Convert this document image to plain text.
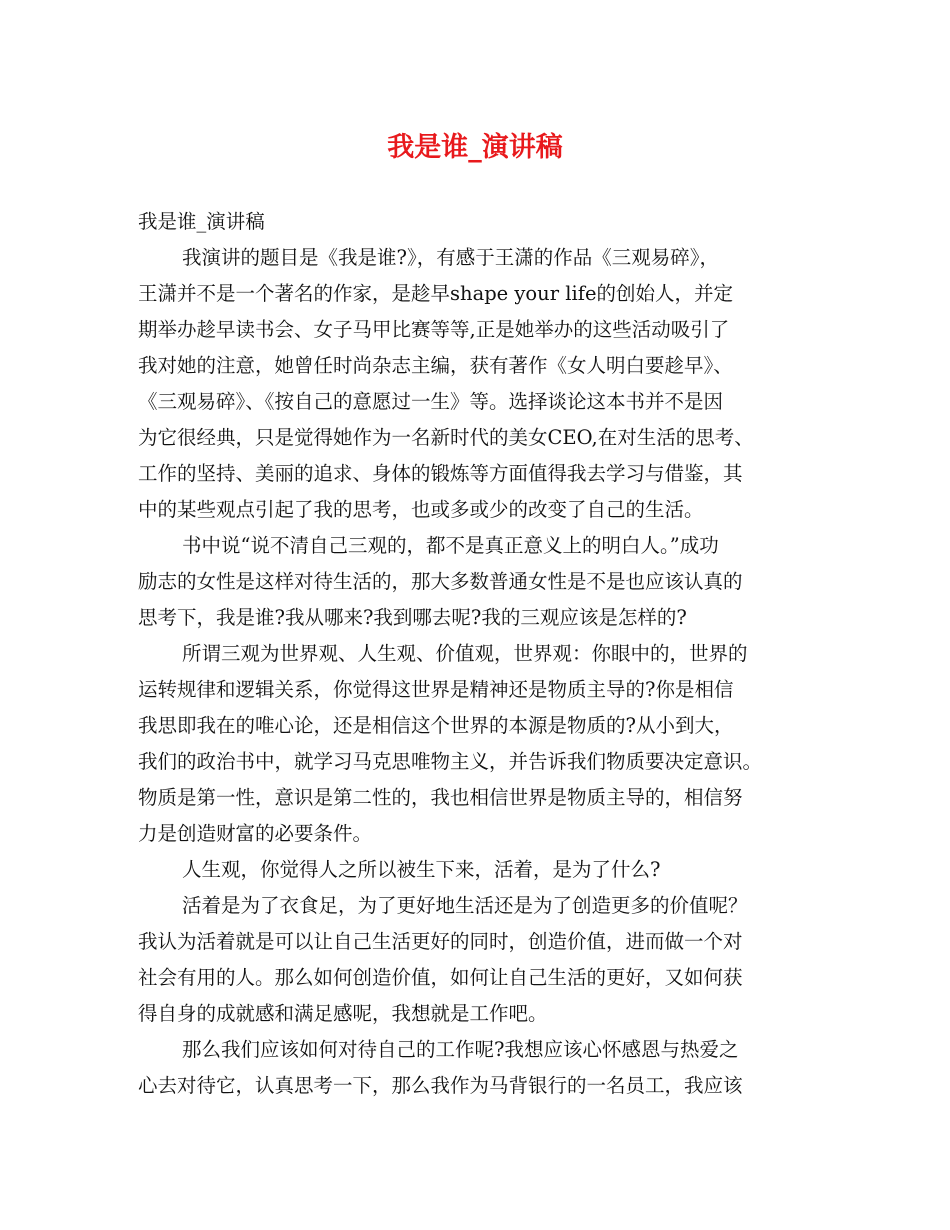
我是谁_演讲稿

我是谁_演讲稿

我演讲的题目是《我是谁?》，有感于王潇的作品《三观易碎》，
王潇并不是一个著名的作家，是趁早shape your life的创始人，并定
期举办趁早读书会、女子马甲比赛等等,正是她举办的这些活动吸引了
我对她的注意，她曾任时尚杂志主编，获有著作《女人明白要趁早》、
《三观易碎》、《按自己的意愿过一生》等。选择谈论这本书并不是因
为它很经典，只是觉得她作为一名新时代的美女CEO,在对生活的思考、
工作的坚持、美丽的追求、身体的锻炼等方面值得我去学习与借鉴，其
中的某些观点引起了我的思考，也或多或少的改变了自己的生活。
书中说“说不清自己三观的，都不是真正意义上的明白人。”成功
励志的女性是这样对待生活的，那大多数普通女性是不是也应该认真的
思考下，我是谁?我从哪来?我到哪去呢?我的三观应该是怎样的?
所谓三观为世界观、人生观、价值观，世界观：你眼中的，世界的
运转规律和逻辑关系，你觉得这世界是精神还是物质主导的?你是相信
我思即我在的唯心论，还是相信这个世界的本源是物质的?从小到大，
我们的政治书中，就学习马克思唯物主义，并告诉我们物质要决定意识。
物质是第一性，意识是第二性的，我也相信世界是物质主导的，相信努
力是创造财富的必要条件。
人生观，你觉得人之所以被生下来，活着，是为了什么?
活着是为了衣食足，为了更好地生活还是为了创造更多的价值呢？
我认为活着就是可以让自己生活更好的同时，创造价值，进而做一个对
社会有用的人。那么如何创造价值，如何让自己生活的更好，又如何获
得自身的成就感和满足感呢，我想就是工作吧。
那么我们应该如何对待自己的工作呢?我想应该心怀感恩与热爱之
心去对待它，认真思考一下，那么我作为马背银行的一名员工，我应该
